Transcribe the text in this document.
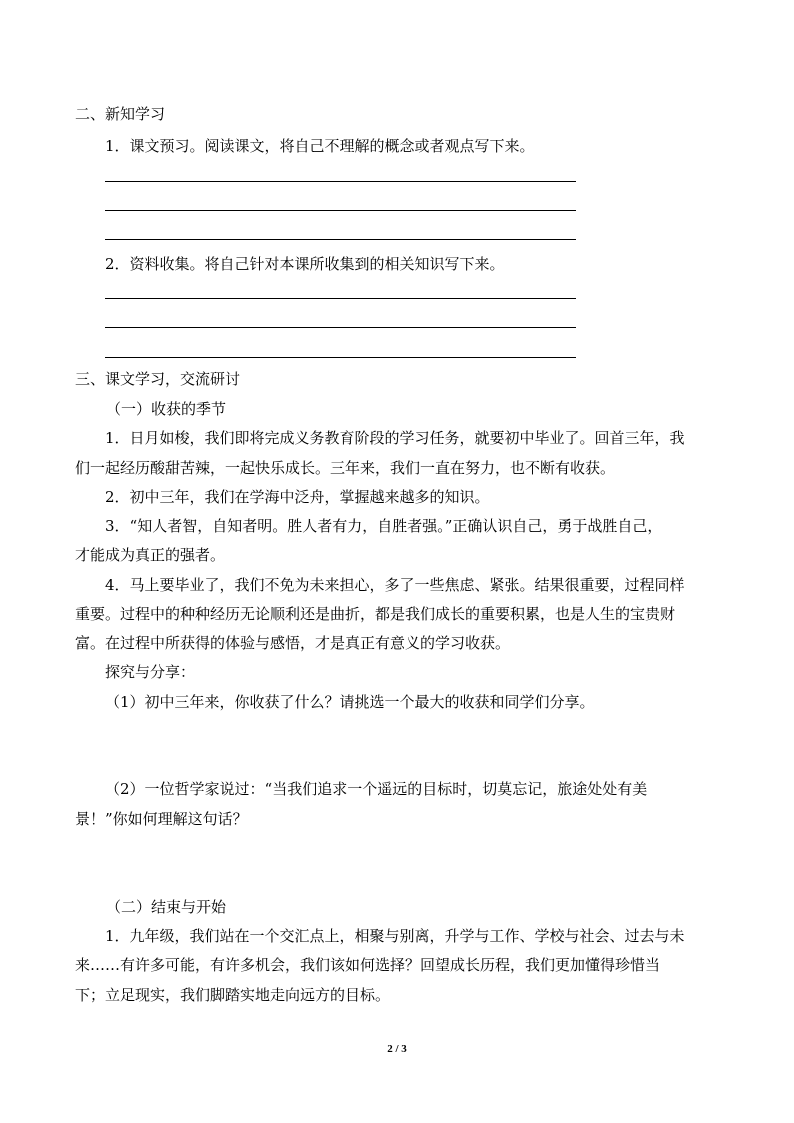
二、新知学习
1．课文预习。阅读课文，将自己不理解的概念或者观点写下来。
2．资料收集。将自己针对本课所收集到的相关知识写下来。
三、课文学习，交流研讨
（一）收获的季节
1．日月如梭，我们即将完成义务教育阶段的学习任务，就要初中毕业了。回首三年，我
们一起经历酸甜苦辣，一起快乐成长。三年来，我们一直在努力，也不断有收获。
2．初中三年，我们在学海中泛舟，掌握越来越多的知识。
3．“知人者智，自知者明。胜人者有力，自胜者强。”正确认识自己，勇于战胜自己，
才能成为真正的强者。
4．马上要毕业了，我们不免为未来担心，多了一些焦虑、紧张。结果很重要，过程同样
重要。过程中的种种经历无论顺利还是曲折，都是我们成长的重要积累，也是人生的宝贵财
富。在过程中所获得的体验与感悟，才是真正有意义的学习收获。
探究与分享：
（1）初中三年来，你收获了什么？请挑选一个最大的收获和同学们分享。
（2）一位哲学家说过：“当我们追求一个遥远的目标时，切莫忘记，旅途处处有美
景！”你如何理解这句话？
（二）结束与开始
1．九年级，我们站在一个交汇点上，相聚与别离，升学与工作、学校与社会、过去与未
来……有许多可能，有许多机会，我们该如何选择？回望成长历程，我们更加懂得珍惜当
下；立足现实，我们脚踏实地走向远方的目标。
2 / 3
